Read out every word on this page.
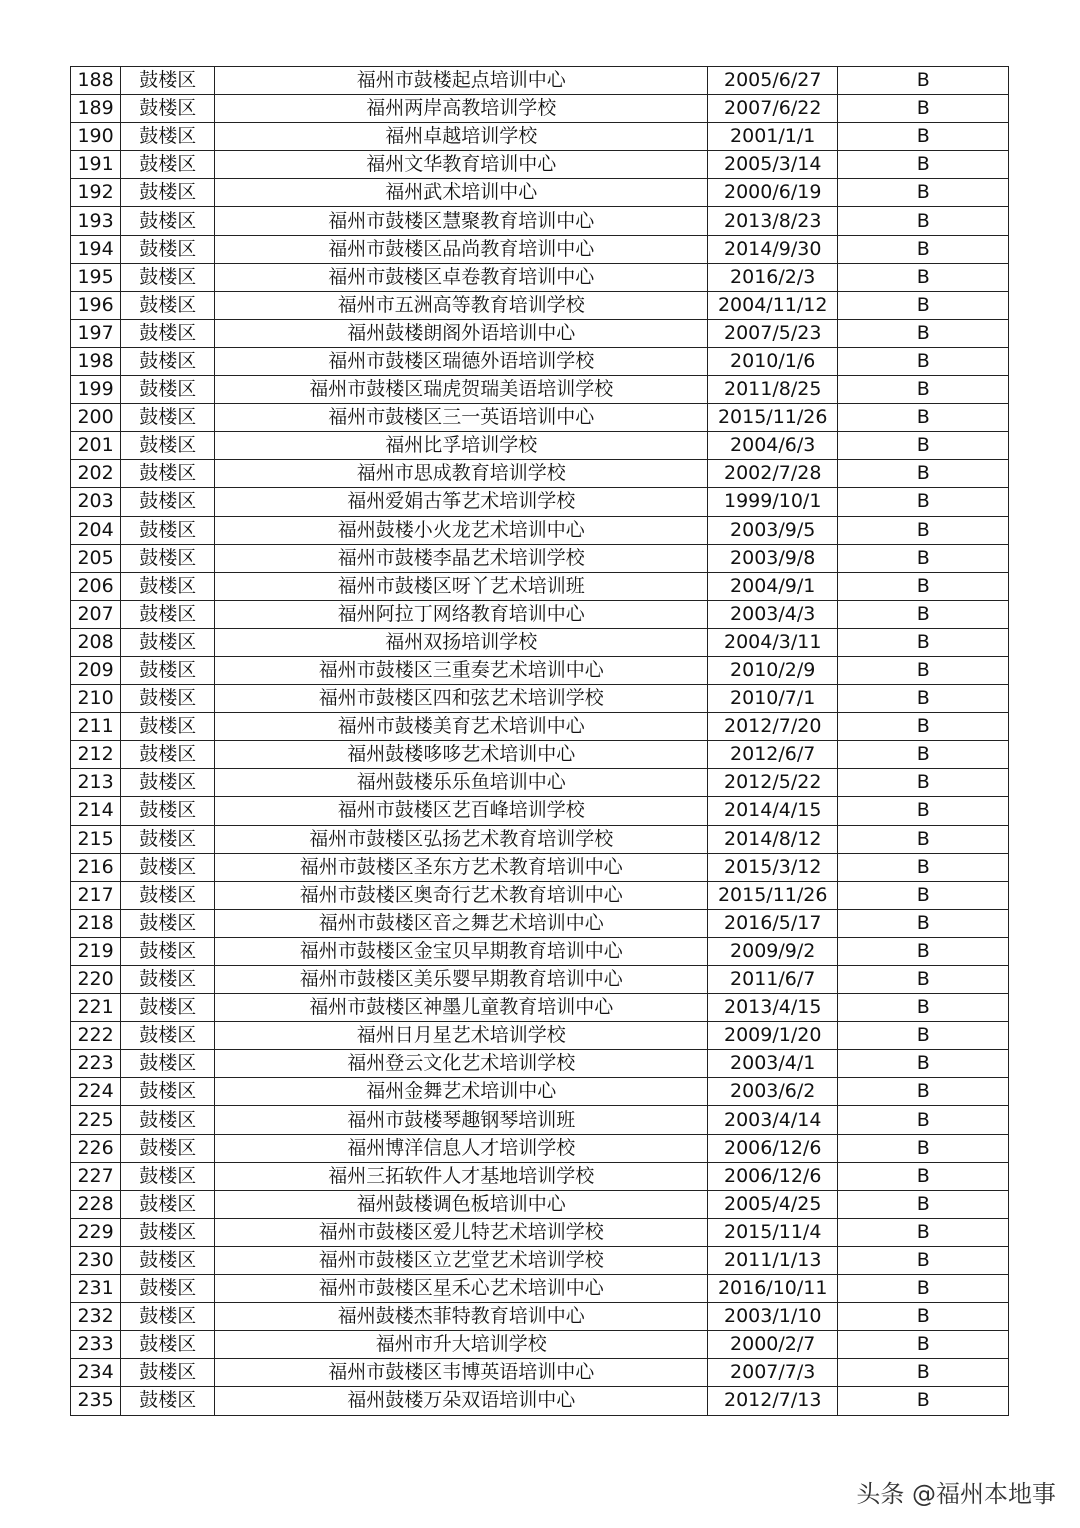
188	鼓楼区	福州市鼓楼起点培训中心	2005/6/27	B
189	鼓楼区	福州两岸高教培训学校	2007/6/22	B
190	鼓楼区	福州卓越培训学校	2001/1/1	B
191	鼓楼区	福州文华教育培训中心	2005/3/14	B
192	鼓楼区	福州武术培训中心	2000/6/19	B
193	鼓楼区	福州市鼓楼区慧聚教育培训中心	2013/8/23	B
194	鼓楼区	福州市鼓楼区品尚教育培训中心	2014/9/30	B
195	鼓楼区	福州市鼓楼区卓卷教育培训中心	2016/2/3	B
196	鼓楼区	福州市五洲高等教育培训学校	2004/11/12	B
197	鼓楼区	福州鼓楼朗阁外语培训中心	2007/5/23	B
198	鼓楼区	福州市鼓楼区瑞德外语培训学校	2010/1/6	B
199	鼓楼区	福州市鼓楼区瑞虎贺瑞美语培训学校	2011/8/25	B
200	鼓楼区	福州市鼓楼区三一英语培训中心	2015/11/26	B
201	鼓楼区	福州比孚培训学校	2004/6/3	B
202	鼓楼区	福州市思成教育培训学校	2002/7/28	B
203	鼓楼区	福州爱娟古筝艺术培训学校	1999/10/1	B
204	鼓楼区	福州鼓楼小火龙艺术培训中心	2003/9/5	B
205	鼓楼区	福州市鼓楼李晶艺术培训学校	2003/9/8	B
206	鼓楼区	福州市鼓楼区呀丫艺术培训班	2004/9/1	B
207	鼓楼区	福州阿拉丁网络教育培训中心	2003/4/3	B
208	鼓楼区	福州双扬培训学校	2004/3/11	B
209	鼓楼区	福州市鼓楼区三重奏艺术培训中心	2010/2/9	B
210	鼓楼区	福州市鼓楼区四和弦艺术培训学校	2010/7/1	B
211	鼓楼区	福州市鼓楼美育艺术培训中心	2012/7/20	B
212	鼓楼区	福州鼓楼哆哆艺术培训中心	2012/6/7	B
213	鼓楼区	福州鼓楼乐乐鱼培训中心	2012/5/22	B
214	鼓楼区	福州市鼓楼区艺百峰培训学校	2014/4/15	B
215	鼓楼区	福州市鼓楼区弘扬艺术教育培训学校	2014/8/12	B
216	鼓楼区	福州市鼓楼区圣东方艺术教育培训中心	2015/3/12	B
217	鼓楼区	福州市鼓楼区奥奇行艺术教育培训中心	2015/11/26	B
218	鼓楼区	福州市鼓楼区音之舞艺术培训中心	2016/5/17	B
219	鼓楼区	福州市鼓楼区金宝贝早期教育培训中心	2009/9/2	B
220	鼓楼区	福州市鼓楼区美乐婴早期教育培训中心	2011/6/7	B
221	鼓楼区	福州市鼓楼区神墨儿童教育培训中心	2013/4/15	B
222	鼓楼区	福州日月星艺术培训学校	2009/1/20	B
223	鼓楼区	福州登云文化艺术培训学校	2003/4/1	B
224	鼓楼区	福州金舞艺术培训中心	2003/6/2	B
225	鼓楼区	福州市鼓楼琴趣钢琴培训班	2003/4/14	B
226	鼓楼区	福州博洋信息人才培训学校	2006/12/6	B
227	鼓楼区	福州三拓软件人才基地培训学校	2006/12/6	B
228	鼓楼区	福州鼓楼调色板培训中心	2005/4/25	B
229	鼓楼区	福州市鼓楼区爱儿特艺术培训学校	2015/11/4	B
230	鼓楼区	福州市鼓楼区立艺堂艺术培训学校	2011/1/13	B
231	鼓楼区	福州市鼓楼区星禾心艺术培训中心	2016/10/11	B
232	鼓楼区	福州鼓楼杰菲特教育培训中心	2003/1/10	B
233	鼓楼区	福州市升大培训学校	2000/2/7	B
234	鼓楼区	福州市鼓楼区韦博英语培训中心	2007/7/3	B
235	鼓楼区	福州鼓楼万朵双语培训中心	2012/7/13	B
头条 @福州本地事
